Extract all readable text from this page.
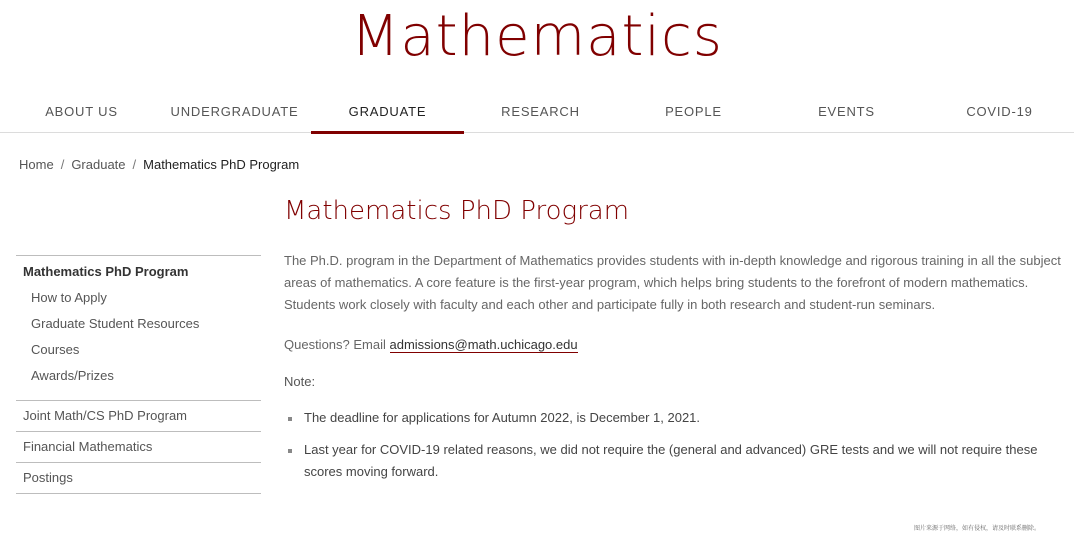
Mathematics
ABOUT US	UNDERGRADUATE	GRADUATE	RESEARCH	PEOPLE	EVENTS	COVID-19
Home / Graduate / Mathematics PhD Program
Mathematics PhD Program
How to Apply
Graduate Student Resources
Courses
Awards/Prizes
Joint Math/CS PhD Program
Financial Mathematics
Postings
Mathematics PhD Program

The Ph.D. program in the Department of Mathematics provides students with in-depth knowledge and rigorous training in all the subject areas of mathematics. A core feature is the first-year program, which helps bring students to the forefront of modern mathematics. Students work closely with faculty and each other and participate fully in both research and student-run seminars.

Questions? Email admissions@math.uchicago.edu

Note:

The deadline for applications for Autumn 2022, is December 1, 2021.
Last year for COVID-19 related reasons, we did not require the (general and advanced) GRE tests and we will not require these scores moving forward.
图片来源于网络，如有侵权，请及时联系删除。
